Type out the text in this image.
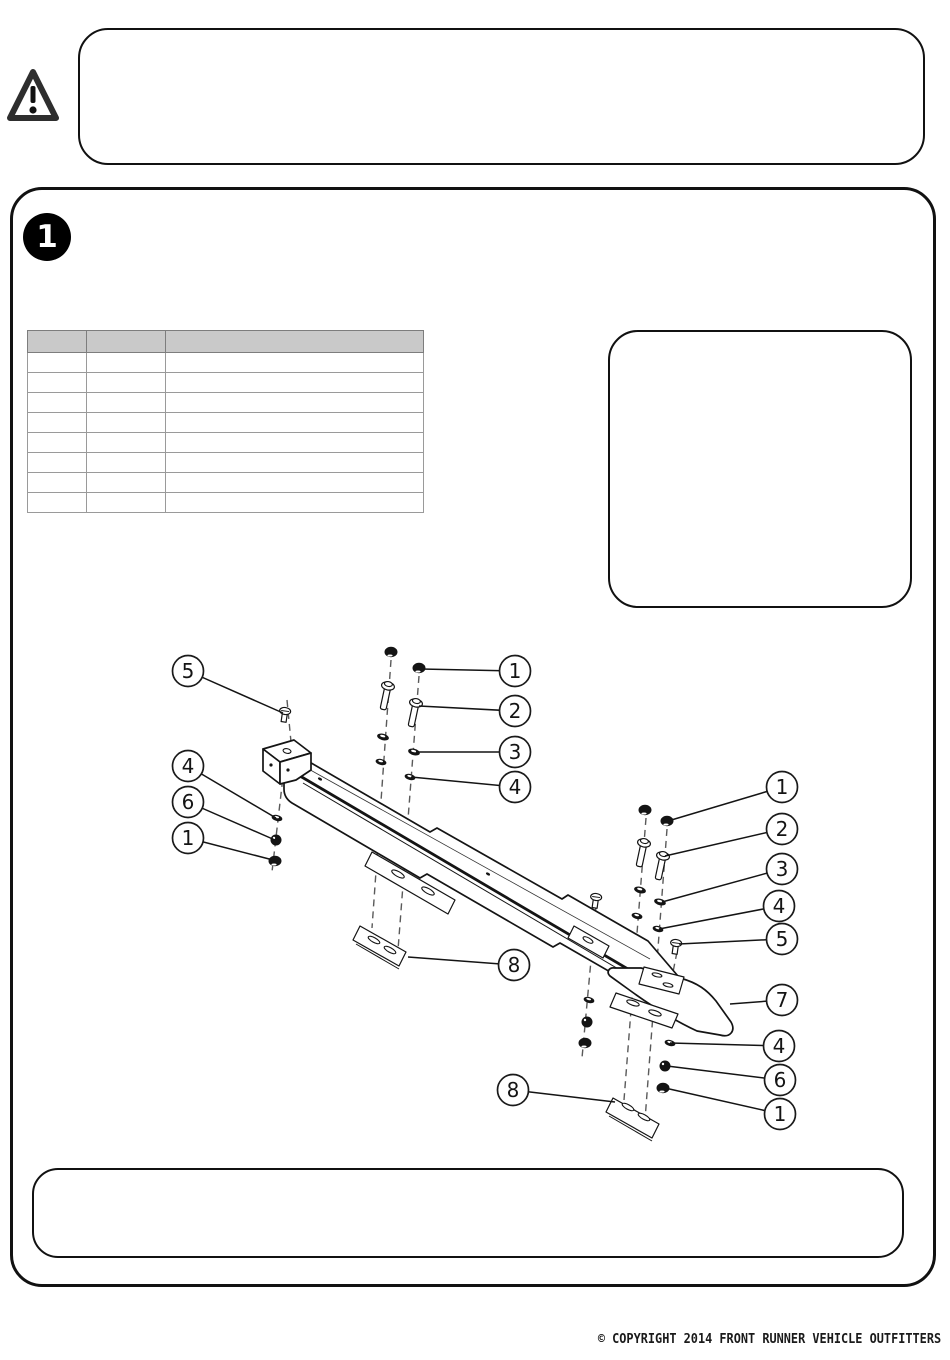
1

5	1
2
3
4
4
6
1
1
2
3
4
5
8
7
4
6
1
8
© COPYRIGHT 2014 FRONT RUNNER VEHICLE OUTFITTERS
